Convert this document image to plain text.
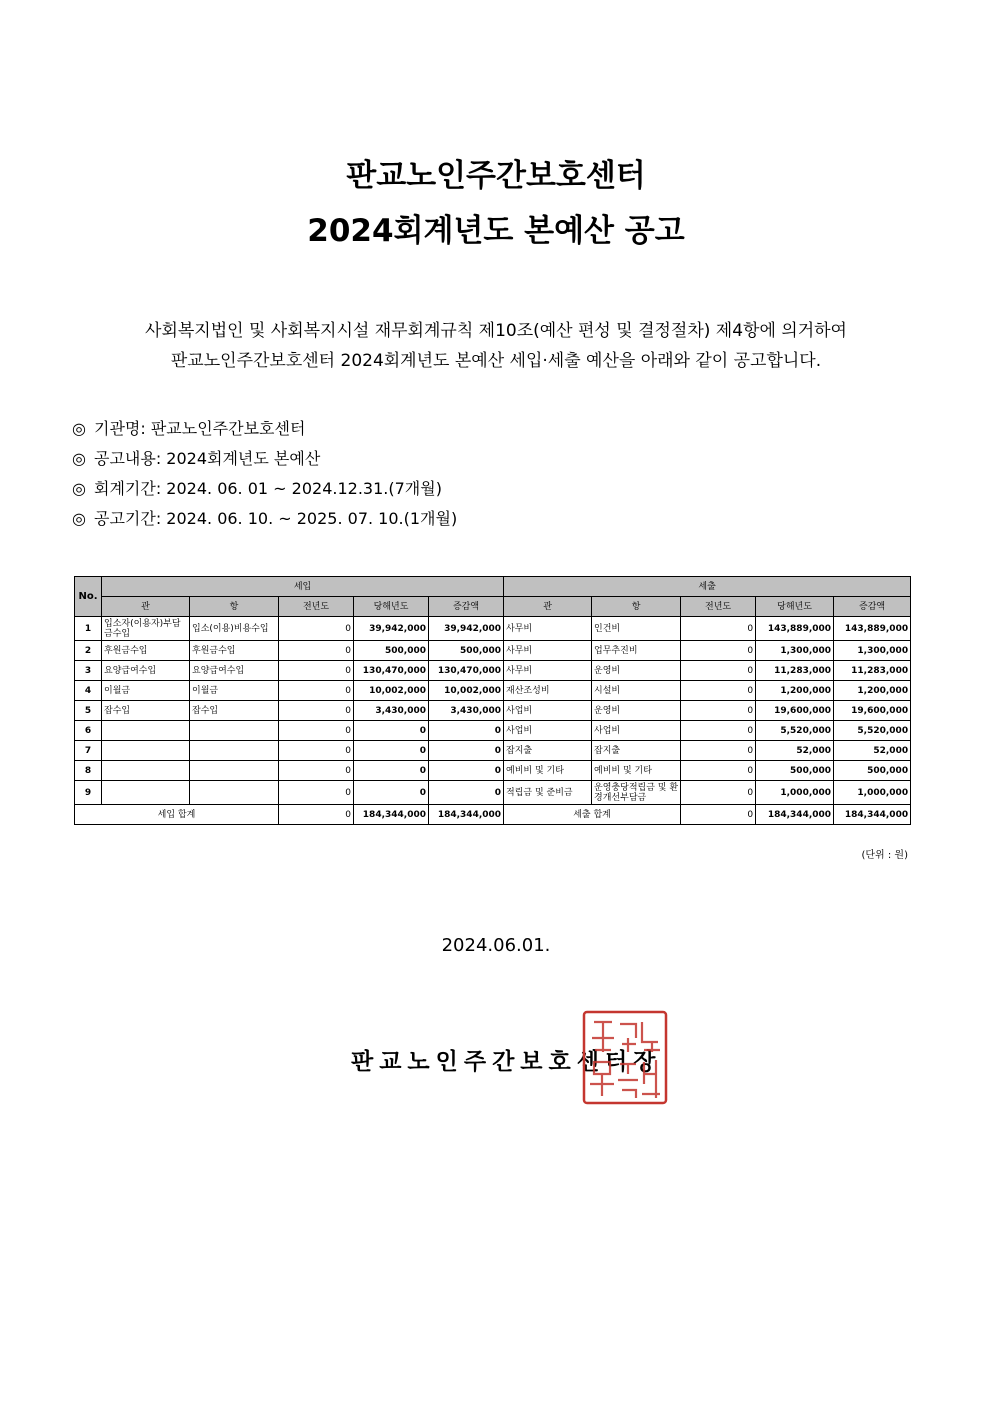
판교노인주간보호센터
2024회계년도 본예산 공고
사회복지법인 및 사회복지시설 재무회계규칙 제10조(예산 편성 및 결정절차) 제4항에 의거하여
판교노인주간보호센터 2024회계년도 본예산 세입·세출 예산을 아래와 같이 공고합니다.
◎ 기관명: 판교노인주간보호센터
◎ 공고내용: 2024회계년도 본예산
◎ 회계기간: 2024. 06. 01 ~ 2024.12.31.(7개월)
◎ 공고기간: 2024. 06. 10. ~ 2025. 07. 10.(1개월)
No.	세입					세출				
	관	항	전년도	당해년도	증감액	관	항	전년도	당해년도	증감액
1	입소자(이용자)부담금수입	입소(이용)비용수입	0	39,942,000	39,942,000	사무비	인건비	0	143,889,000	143,889,000
2	후원금수입	후원금수입	0	500,000	500,000	사무비	업무추진비	0	1,300,000	1,300,000
3	요양급여수입	요양급여수입	0	130,470,000	130,470,000	사무비	운영비	0	11,283,000	11,283,000
4	이월금	이월금	0	10,002,000	10,002,000	재산조성비	시설비	0	1,200,000	1,200,000
5	잡수입	잡수입	0	3,430,000	3,430,000	사업비	운영비	0	19,600,000	19,600,000
6			0	0	0	사업비	사업비	0	5,520,000	5,520,000
7			0	0	0	잡지출	잡지출	0	52,000	52,000
8			0	0	0	예비비 및 기타	예비비 및 기타	0	500,000	500,000
9			0	0	0	적립금 및 준비금	운영충당적립금 및 환경개선부담금	0	1,000,000	1,000,000
세입 합계			0	184,344,000	184,344,000	세출 합계		0	184,344,000	184,344,000
(단위 : 원)
2024.06.01.
판교노인주간보호센터장
